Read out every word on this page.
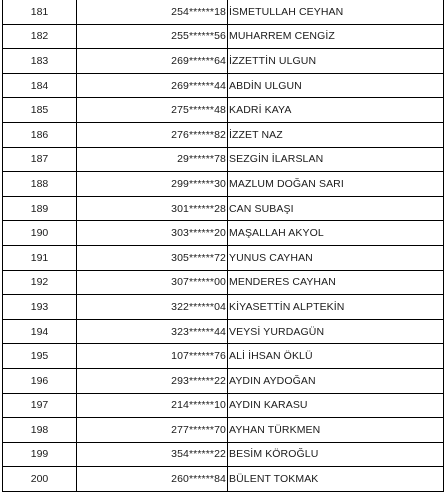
181	254******18	İSMETULLAH CEYHAN
182	255******56	MUHARREM CENGİZ
183	269******64	İZZETTİN ULGUN
184	269******44	ABDİN ULGUN
185	275******48	KADRİ KAYA
186	276******82	İZZET NAZ
187	29******78	SEZGİN İLARSLAN
188	299******30	MAZLUM DOĞAN SARI
189	301******28	CAN SUBAŞI
190	303******20	MAŞALLAH AKYOL
191	305******72	YUNUS CAYHAN
192	307******00	MENDERES CAYHAN
193	322******04	KİYASETTİN ALPTEKİN
194	323******44	VEYSİ YURDAGÜN
195	107******76	ALİ İHSAN ÖKLÜ
196	293******22	AYDIN AYDOĞAN
197	214******10	AYDIN KARASU
198	277******70	AYHAN TÜRKMEN
199	354******22	BESİM KÖROĞLU
200	260******84	BÜLENT TOKMAK
